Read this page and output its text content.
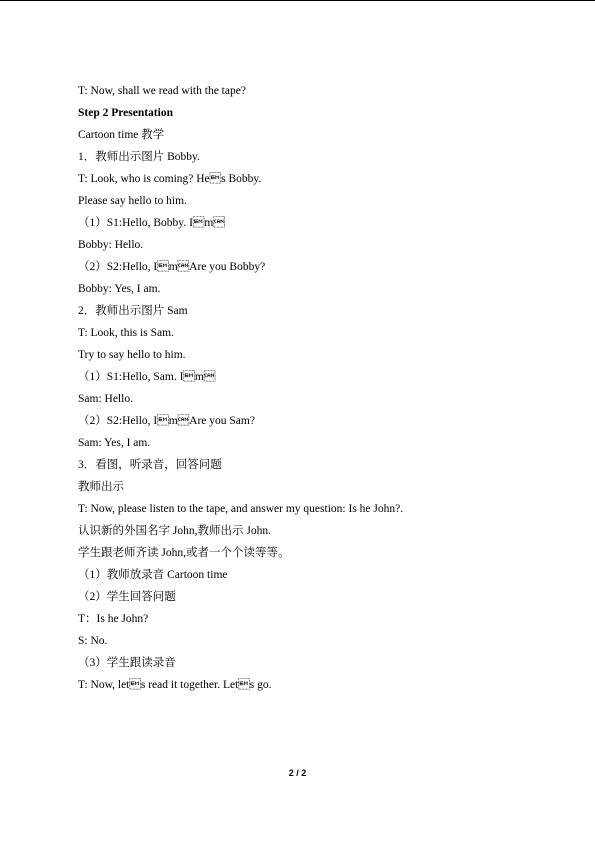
T: Now, shall we read with the tape?
Step 2 Presentation
Cartoon time 教学
1．教师出示图片 Bobby.
T: Look, who is coming? Hes Bobby.
Please say hello to him.
（1）S1:Hello, Bobby. Im
Bobby: Hello.
（2）S2:Hello, ImAre you Bobby?
Bobby: Yes, I am.
2．教师出示图片 Sam
T: Look, this is Sam.
Try to say hello to him.
（1）S1:Hello, Sam. Im
Sam: Hello.
（2）S2:Hello, ImAre you Sam?
Sam: Yes, I am.
3．看图，听录音，回答问题
教师出示
T: Now, please listen to the tape, and answer my question: Is he John?.
认识新的外国名字 John,教师出示 John.
学生跟老师齐读 John,或者一个个读等等。
（1）教师放录音 Cartoon time
（2）学生回答问题
T：Is he John?
S: No.
（3）学生跟读录音
T: Now, lets read it together. Lets go.
2 / 2
